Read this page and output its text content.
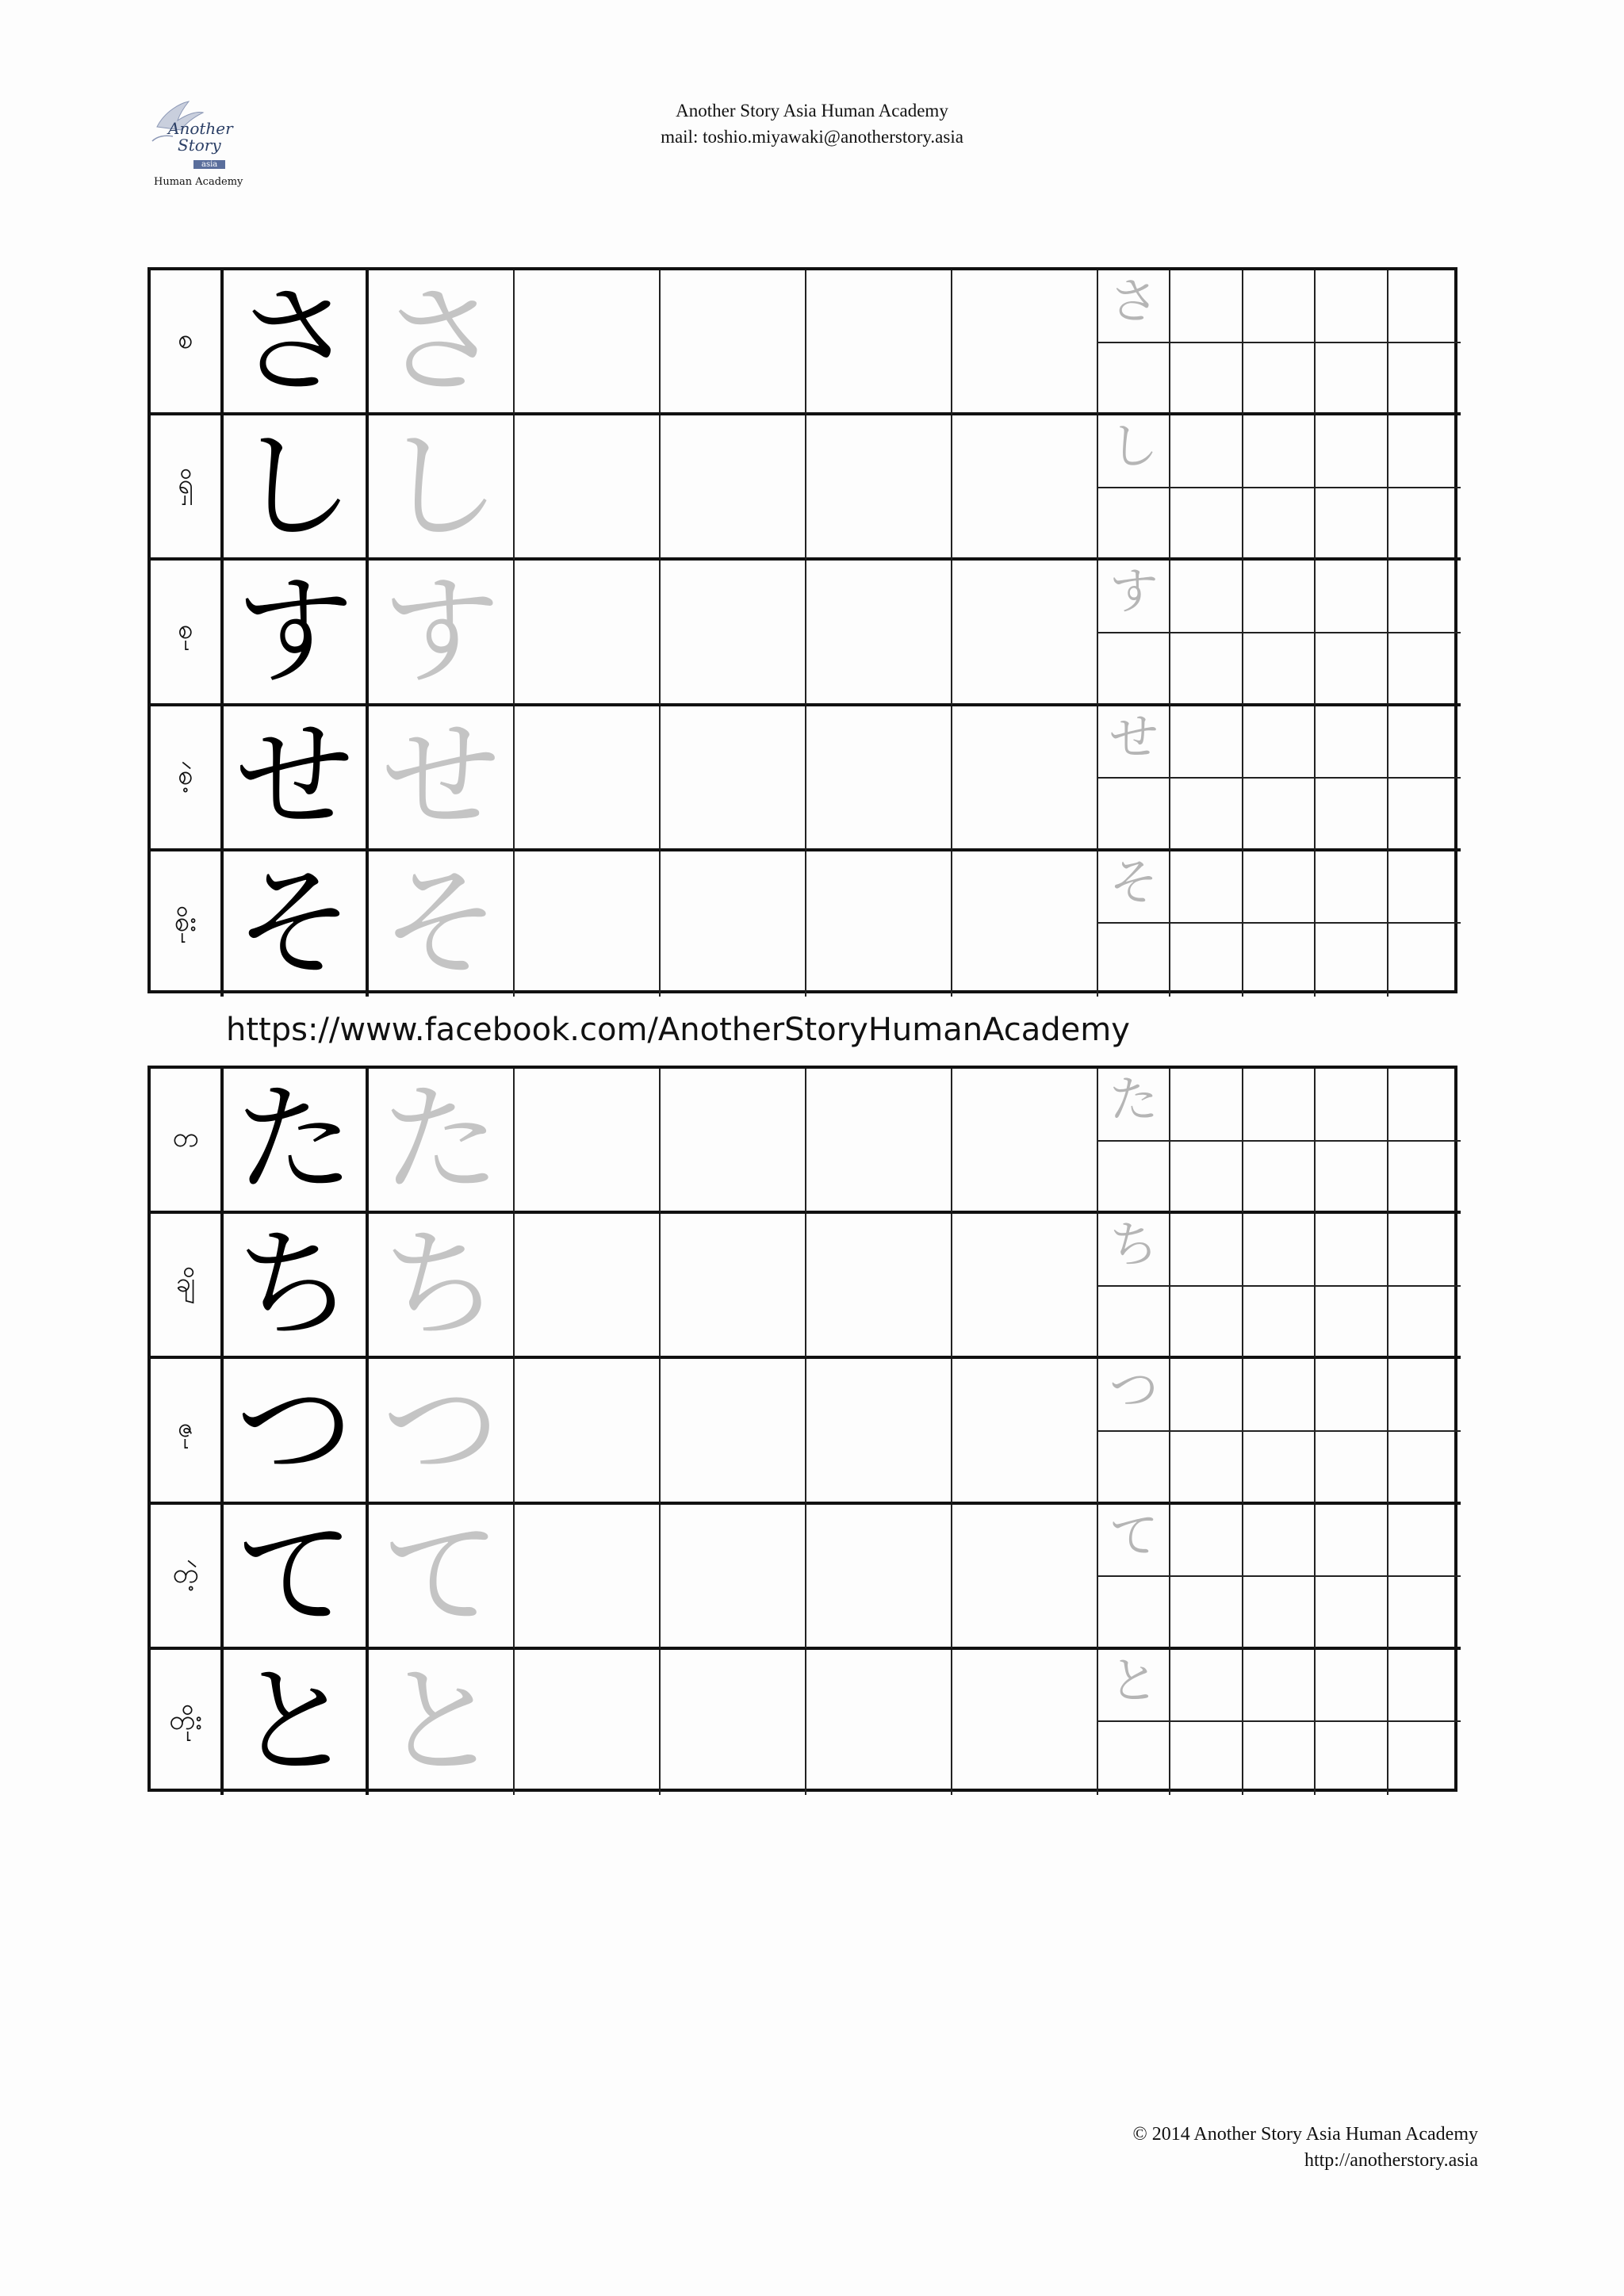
Another
Story
asia
Human Academy
Another Story Asia Human Academy
mail: toshio.miyawaki@anotherstory.asia
စ さ さ	さ
ရှိ し し	し
စု す す	す
စဲ့ せ せ	せ
စိုး そ そ	そ
https://www.facebook.com/AnotherStoryHumanAcademy
တ た た	た
ချိ ち ち	ち
ဇု つ つ	つ
တဲ့ て て	て
တိုး と と	と
© 2014 Another Story Asia Human Academy
http://anotherstory.asia
